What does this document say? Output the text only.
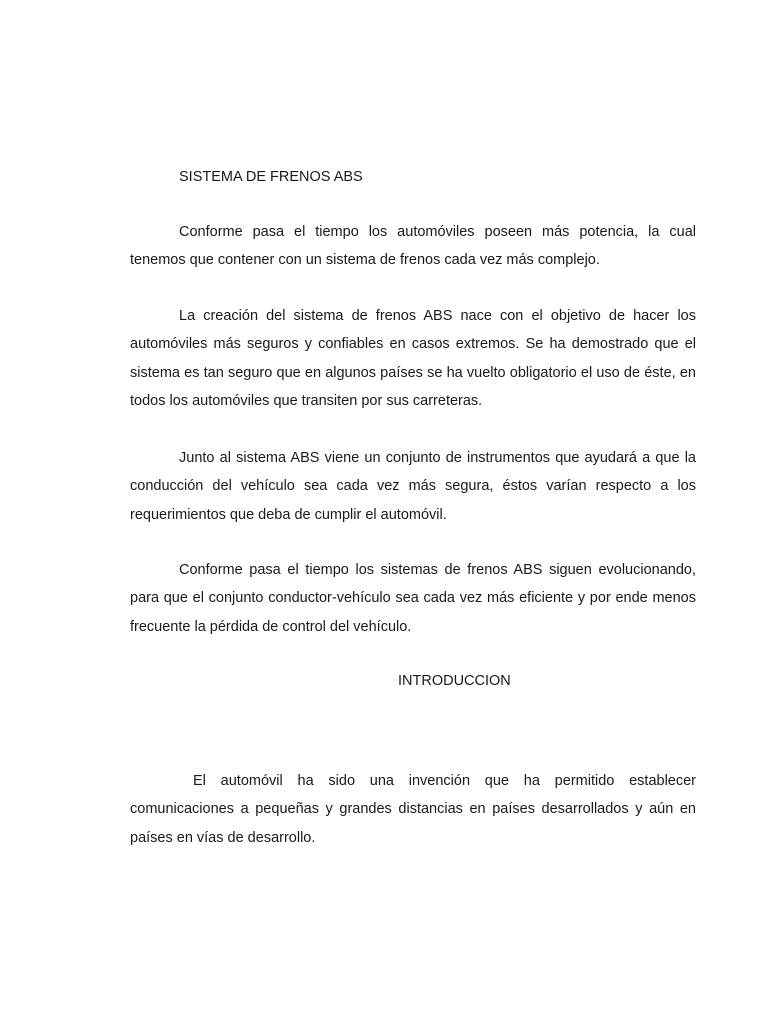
SISTEMA DE FRENOS ABS

Conforme pasa el tiempo los automóviles poseen más potencia, la cual tenemos que contener con un sistema de frenos cada vez más complejo.

La creación del sistema de frenos ABS nace con el objetivo de hacer los automóviles más seguros y confiables en casos extremos. Se ha demostrado que el sistema es tan seguro que en algunos países se ha vuelto obligatorio el uso de éste, en todos los automóviles que transiten por sus carreteras.

Junto al sistema ABS viene un conjunto de instrumentos que ayudará a que la conducción del vehículo sea cada vez más segura, éstos varían respecto a los requerimientos que deba de cumplir el automóvil.

Conforme pasa el tiempo los sistemas de frenos ABS siguen evolucionando, para que el conjunto conductor-vehículo sea cada vez más eficiente y por ende menos frecuente la pérdida de control del vehículo.

INTRODUCCION

El automóvil ha sido una invención que ha permitido establecer comunicaciones a pequeñas y grandes distancias en países desarrollados y aún en países en vías de desarrollo.
